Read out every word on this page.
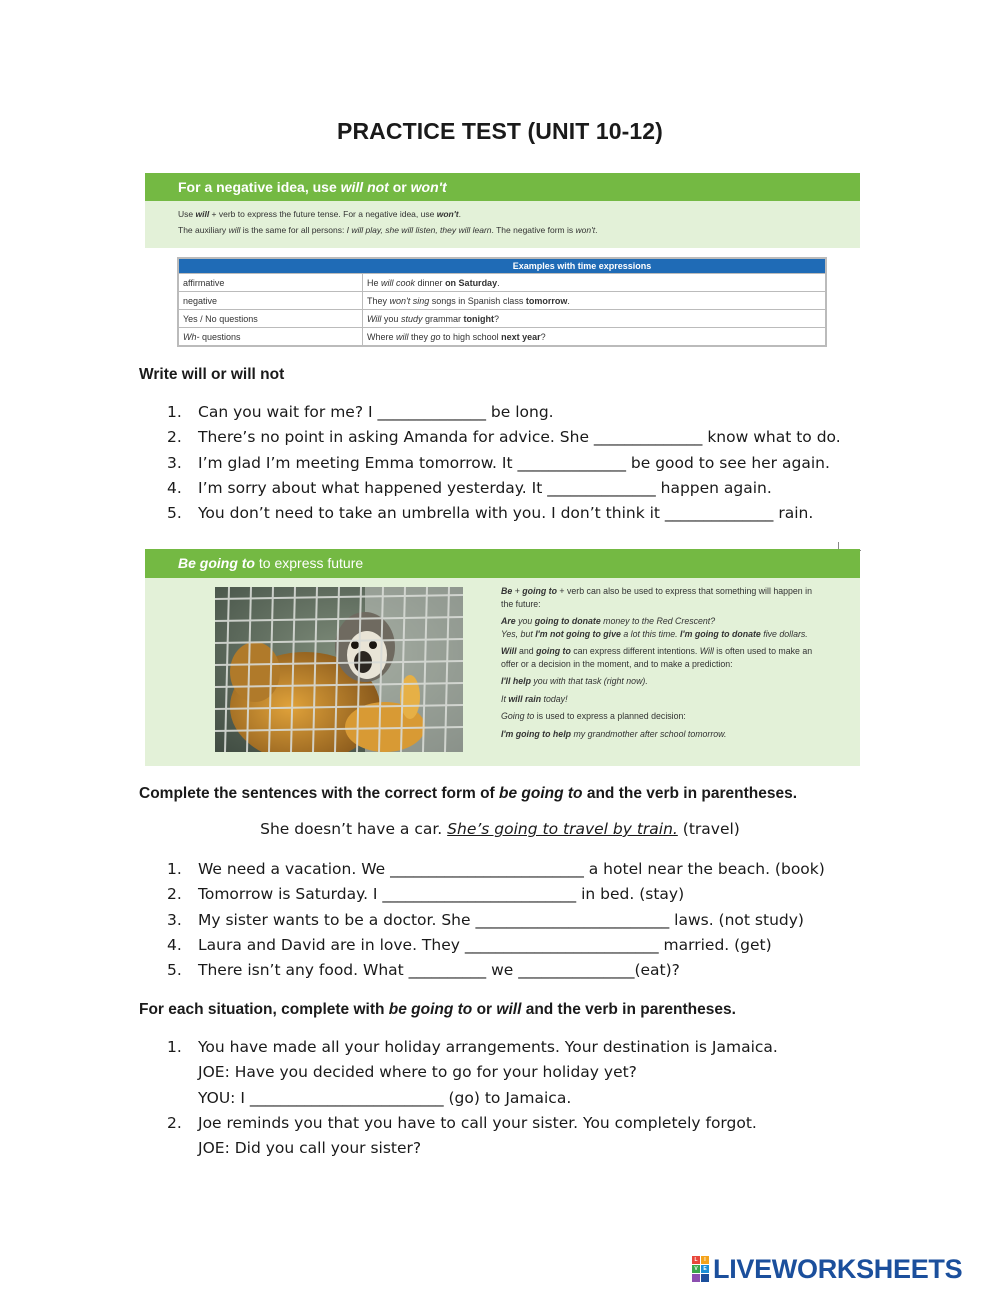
PRACTICE TEST (UNIT 10-12)
For a negative idea, use will not or won't
Use will + verb to express the future tense. For a negative idea, use won't.
The auxiliary will is the same for all persons: I will play, she will listen, they will learn. The negative form is won't.
Examples with time expressions	
affirmative	He will cook dinner on Saturday.
negative	They won't sing songs in Spanish class tomorrow.
Yes / No questions	Will you study grammar tonight?
Wh- questions	Where will they go to high school next year?
Write will or will not
1. Can you wait for me? I ______________ be long.
2. There’s no point in asking Amanda for advice. She ______________ know what to do.
3. I’m glad I’m meeting Emma tomorrow. It ______________ be good to see her again.
4. I’m sorry about what happened yesterday. It ______________ happen again.
5. You don’t need to take an umbrella with you. I don’t think it ______________ rain.
Be going to to express future

Be + going to + verb can also be used to express that something will happen in the future:

Are you going to donate money to the Red Crescent?
Yes, but I'm not going to give a lot this time. I'm going to donate five dollars.

Will and going to can express different intentions. Will is often used to make an offer or a decision in the moment, and to make a prediction:

I'll help you with that task (right now).

It will rain today!

Going to is used to express a planned decision:

I'm going to help my grandmother after school tomorrow.

Complete the sentences with the correct form of be going to and the verb in parentheses.
She doesn’t have a car. She’s going to travel by train. (travel)
1. We need a vacation. We _________________________ a hotel near the beach. (book)
2. Tomorrow is Saturday. I _________________________ in bed. (stay)
3. My sister wants to be a doctor. She _________________________ laws. (not study)
4. Laura and David are in love. They _________________________ married. (get)
5. There isn’t any food. What __________ we _______________(eat)?
For each situation, complete with be going to or will and the verb in parentheses.
1. You have made all your holiday arrangements. Your destination is Jamaica.
JOE: Have you decided where to go for your holiday yet?
YOU: I _________________________ (go) to Jamaica.
2. Joe reminds you that you have to call your sister. You completely forgot.
JOE: Did you call your sister?
L	I
V	E LIVEWORKSHEETS
